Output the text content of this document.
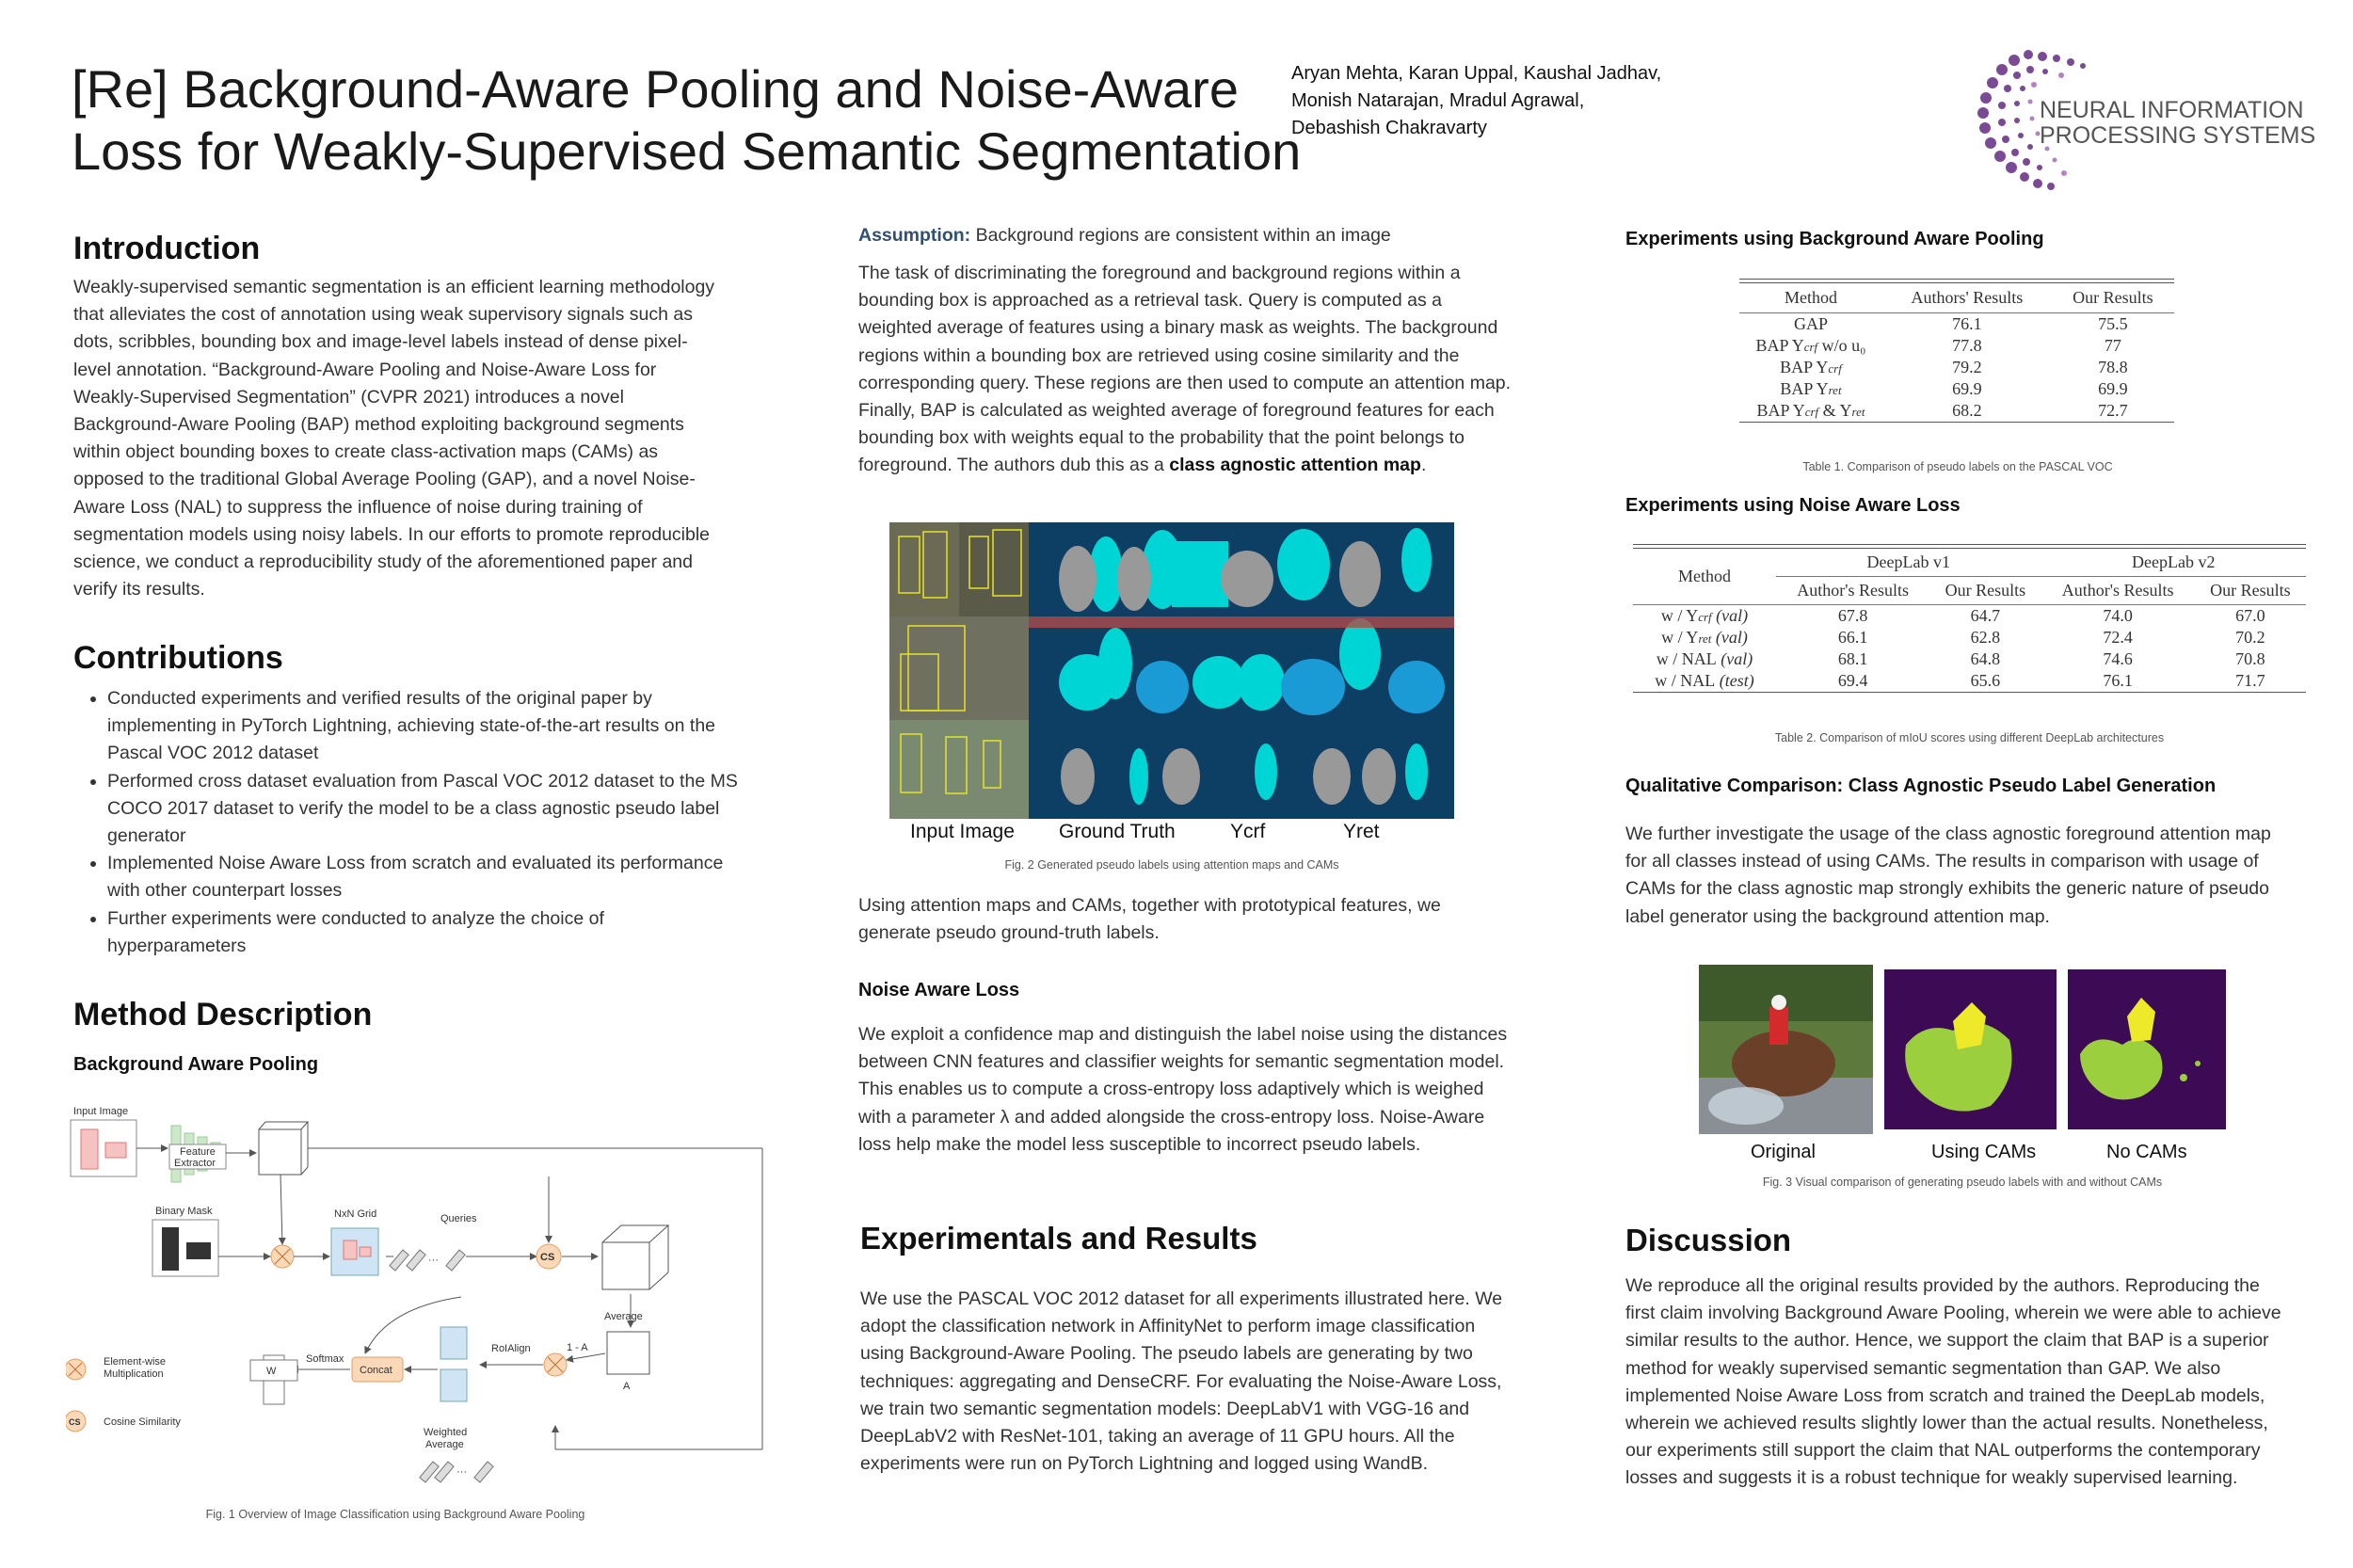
[Re] Background-Aware Pooling and Noise-Aware
Loss for Weakly-Supervised Semantic Segmentation
Aryan Mehta, Karan Uppal, Kaushal Jadhav,
Monish Natarajan, Mradul Agrawal,
Debashish Chakravarty
NEURAL INFORMATION
PROCESSING SYSTEMS
Introduction

Weakly-supervised semantic segmentation is an efficient learning methodology that alleviates the cost of annotation using weak supervisory signals such as dots, scribbles, bounding box and image-level labels instead of dense pixel-level annotation. “Background-Aware Pooling and Noise-Aware Loss for Weakly-Supervised Segmentation” (CVPR 2021) introduces a novel Background-Aware Pooling (BAP) method exploiting background segments within object bounding boxes to create class-activation maps (CAMs) as opposed to the traditional Global Average Pooling (GAP), and a novel Noise-Aware Loss (NAL) to suppress the influence of noise during training of segmentation models using noisy labels. In our efforts to promote reproducible science, we conduct a reproducibility study of the aforementioned paper and verify its results.

Contributions
• Conducted experiments and verified results of the original paper by implementing in PyTorch Lightning, achieving state-of-the-art results on the Pascal VOC 2012 dataset
• Performed cross dataset evaluation from Pascal VOC 2012 dataset to the MS COCO 2017 dataset to verify the model to be a class agnostic pseudo label generator
• Implemented Noise Aware Loss from scratch and evaluated its performance with other counterpart losses
• Further experiments were conducted to analyze the choice of hyperparameters
Method Description
Background Aware Pooling
Input Image
Feature
Extractor
Binary Mask	NxN Grid	Queries
···	CS
Average
A
1 - A
RoIAlign
Weighted
Average
···
Concat
Softmax
W
Element-wise
Multiplication
CS Cosine Similarity
Fig. 1 Overview of Image Classification using Background Aware Pooling

Assumption: Background regions are consistent within an image

The task of discriminating the foreground and background regions within a bounding box is approached as a retrieval task. Query is computed as a weighted average of features using a binary mask as weights. The background regions within a bounding box are retrieved using cosine similarity and the corresponding query. These regions are then used to compute an attention map. Finally, BAP is calculated as weighted average of foreground features for each bounding box with weights equal to the probability that the point belongs to foreground. The authors dub this as a class agnostic attention map.

Input Image Ground Truth	Ycrf	Yret
Fig. 2 Generated pseudo labels using attention maps and CAMs

Using attention maps and CAMs, together with prototypical features, we generate pseudo ground-truth labels.

Noise Aware Loss

We exploit a confidence map and distinguish the label noise using the distances between CNN features and classifier weights for semantic segmentation model. This enables us to compute a cross-entropy loss adaptively which is weighed with a parameter λ and added alongside the cross-entropy loss. Noise-Aware loss help make the model less susceptible to incorrect pseudo labels.

Experimentals and Results

We use the PASCAL VOC 2012 dataset for all experiments illustrated here. We adopt the classification network in AffinityNet to perform image classification using Background-Aware Pooling. The pseudo labels are generating by two techniques: aggregating and DenseCRF. For evaluating the Noise-Aware Loss, we train two semantic segmentation models: DeepLabV1 with VGG-16 and DeepLabV2 with ResNet-101, taking an average of 11 GPU hours. All the experiments were run on PyTorch Lightning and logged using WandB.

Experiments using Background Aware Pooling
Method	Authors' Results	Our Results
GAP	76.1	75.5
BAP Ycrf w/o u₀	77.8	77
BAP Ycrf	79.2	78.8
BAP Yret	69.9	69.9
BAP Ycrf & Yret	68.2	72.7
Table 1. Comparison of pseudo labels on the PASCAL VOC
Experiments using Noise Aware Loss
Method	DeepLab v1		DeepLab v2	
	Author's Results	Our Results	Author's Results	Our Results
w / Ycrf (val)	67.8	64.7	74.0	67.0
w / Yret (val)	66.1	62.8	72.4	70.2
w / NAL (val)	68.1	64.8	74.6	70.8
w / NAL (test)	69.4	65.6	76.1	71.7
Table 2. Comparison of mIoU scores using different DeepLab architectures
Qualitative Comparison: Class Agnostic Pseudo Label Generation

We further investigate the usage of the class agnostic foreground attention map for all classes instead of using CAMs. The results in comparison with usage of CAMs for the class agnostic map strongly exhibits the generic nature of pseudo label generator using the background attention map.

Original	Using CAMs	No CAMs
Fig. 3 Visual comparison of generating pseudo labels with and without CAMs
Discussion

We reproduce all the original results provided by the authors. Reproducing the first claim involving Background Aware Pooling, wherein we were able to achieve similar results to the author. Hence, we support the claim that BAP is a superior method for weakly supervised semantic segmentation than GAP. We also implemented Noise Aware Loss from scratch and trained the DeepLab models, wherein we achieved results slightly lower than the actual results. Nonetheless, our experiments still support the claim that NAL outperforms the contemporary losses and suggests it is a robust technique for weakly supervised learning.
